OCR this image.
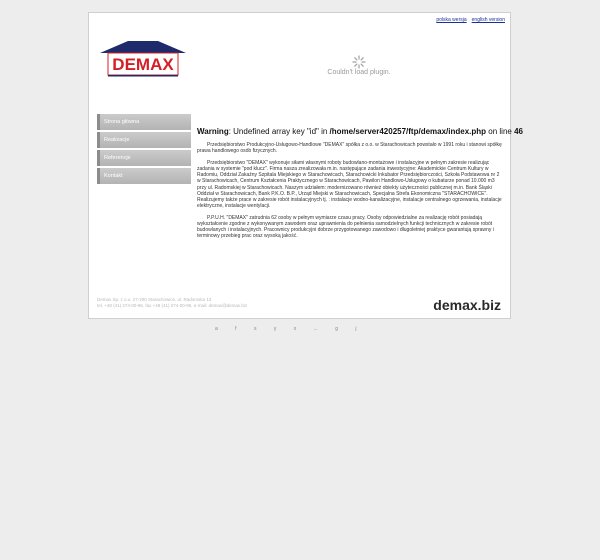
polska wersja english version
DEMAX	Couldn't load plugin.
Strona główna
Realizacje
Referencje
Kontakt

Warning: Undefined array key "id" in /home/server420257/ftp/demax/index.php on line 46

Przedsiębiorstwo Produkcyjno-Usługowo-Handlowe "DEMAX" spółka z o.o. w Starachowicach powstało w 1991 roku i stanowi spółkę prawa handlowego osób fizycznych.

Przedsiębiorstwo "DEMAX" wykonuje siłami własnymi roboty budowlano-montażowe i instalacyjne w pełnym zakresie realizując zadania w systemie "pod klucz". Firma nasza zrealizowała m.in. następujące zadania inwestycyjne: Akademickie Centrum Kultury w Radomiu, Oddział Zakaźny Szpitala Miejskiego w Starachowicach, Starachowicki Inkubator Przedsiębiorczości, Szkoła Podstawowa nr 2 w Starachowicach, Centrum Kształcenia Praktycznego w Starachowicach, Pawilon Handlowo-Usługowy o kubaturze ponad 10.000 m3 przy ul. Radomskiej w Starachowicach. Naszym udziałem: modernizowano również obiekty użyteczności publicznej m.in. Bank Śląski Oddział w Starachowicach, Bank P.K.O. B.P., Urząd Miejski w Starachowicach, Specjalna Strefa Ekonomiczna "STARACHOWICE". Realizujemy także prace w zakresie robót instalacyjnych tj. : instalacje wodno-kanalizacyjne, instalacje centralnego ogrzewania, instalacje elektryczne, instalacje wentylacji.

P.P.U.H. "DEMAX" zatrudnia 62 osoby w pełnym wymiarze czasu pracy. Osoby odpowiedzialne za realizację robót posiadają wykształcenie zgodne z wykonywanym zawodem oraz uprawnienia do pełnienia samodzielnych funkcji technicznych w zakresie robót budowlanych i instalacyjnych. Pracownicy produkcyjni dobrze przygotowanego zawodowo i długoletniej praktyce gwarantują sprawny i terminowy przebieg prac oraz wysoką jakość.

Demax Sp. z o.o. 27-200 Starachowice, ul. Radomska 13
tel. +48 (41) 274-00-96, fax +48 (41) 274-00-96, e-mail: demax@demax.biz	demax.biz
a	f	s	y	x	...	g	j
